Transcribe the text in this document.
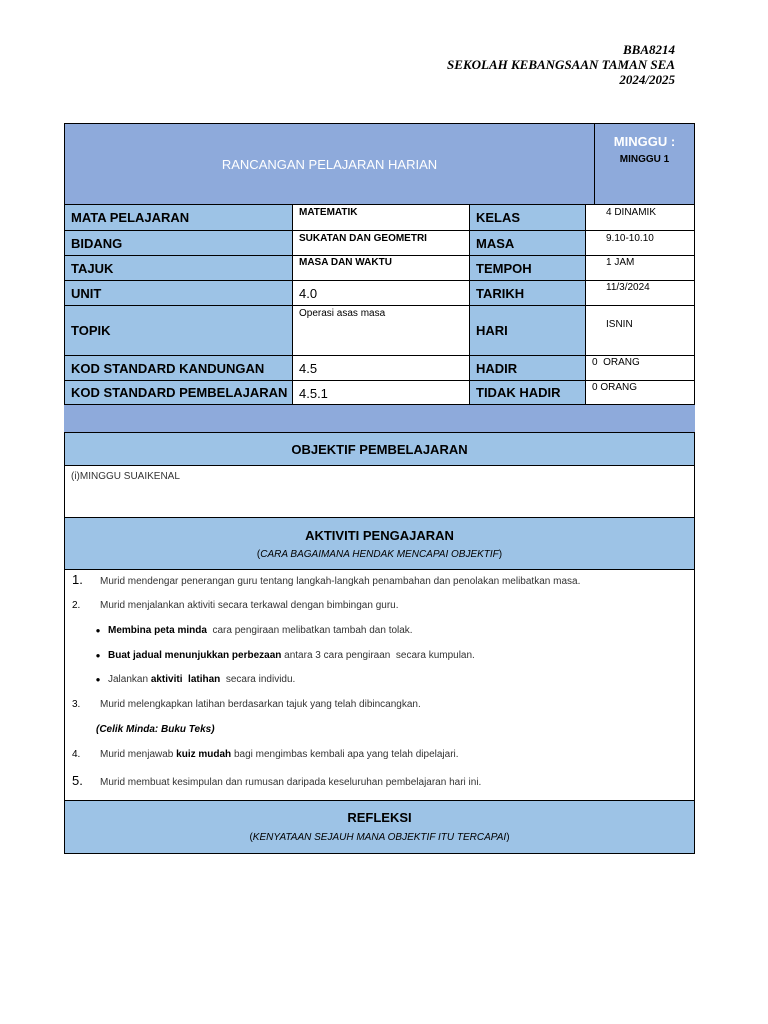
BBA8214
SEKOLAH KEBANGSAAN TAMAN SEA
2024/2025
RANCANGAN PELAJARAN HARIAN
MINGGU :
MINGGU 1
MATA PELAJARAN
BIDANG
TAJUK
UNIT
TOPIK
KOD STANDARD KANDUNGAN
KOD STANDARD PEMBELAJARAN
MATEMATIK
SUKATAN DAN GEOMETRI
MASA DAN WAKTU
4.0
Operasi asas masa
4.5
4.5.1
KELAS
MASA
TEMPOH
TARIKH
HARI
HADIR
TIDAK HADIR
4 DINAMIK
9.10-10.10
1 JAM
11/3/2024
ISNIN
0  ORANG
0 ORANG
OBJEKTIF PEMBELAJARAN
(i)MINGGU SUAIKENAL
AKTIVITI PENGAJARAN
(CARA BAGAIMANA HENDAK MENCAPAI OBJEKTIF)
1. Murid mendengar penerangan guru tentang langkah-langkah penambahan dan penolakan melibatkan masa.
2. Murid menjalankan aktiviti secara terkawal dengan bimbingan guru.
● Membina peta minda  cara pengiraan melibatkan tambah dan tolak.
● Buat jadual menunjukkan perbezaan antara 3 cara pengiraan  secara kumpulan.
● Jalankan aktiviti  latihan  secara individu.
3. Murid melengkapkan latihan berdasarkan tajuk yang telah dibincangkan.
(Celik Minda: Buku Teks)
4. Murid menjawab kuiz mudah bagi mengimbas kembali apa yang telah dipelajari.
5. Murid membuat kesimpulan dan rumusan daripada keseluruhan pembelajaran hari ini.
REFLEKSI
(KENYATAAN SEJAUH MANA OBJEKTIF ITU TERCAPAI)
